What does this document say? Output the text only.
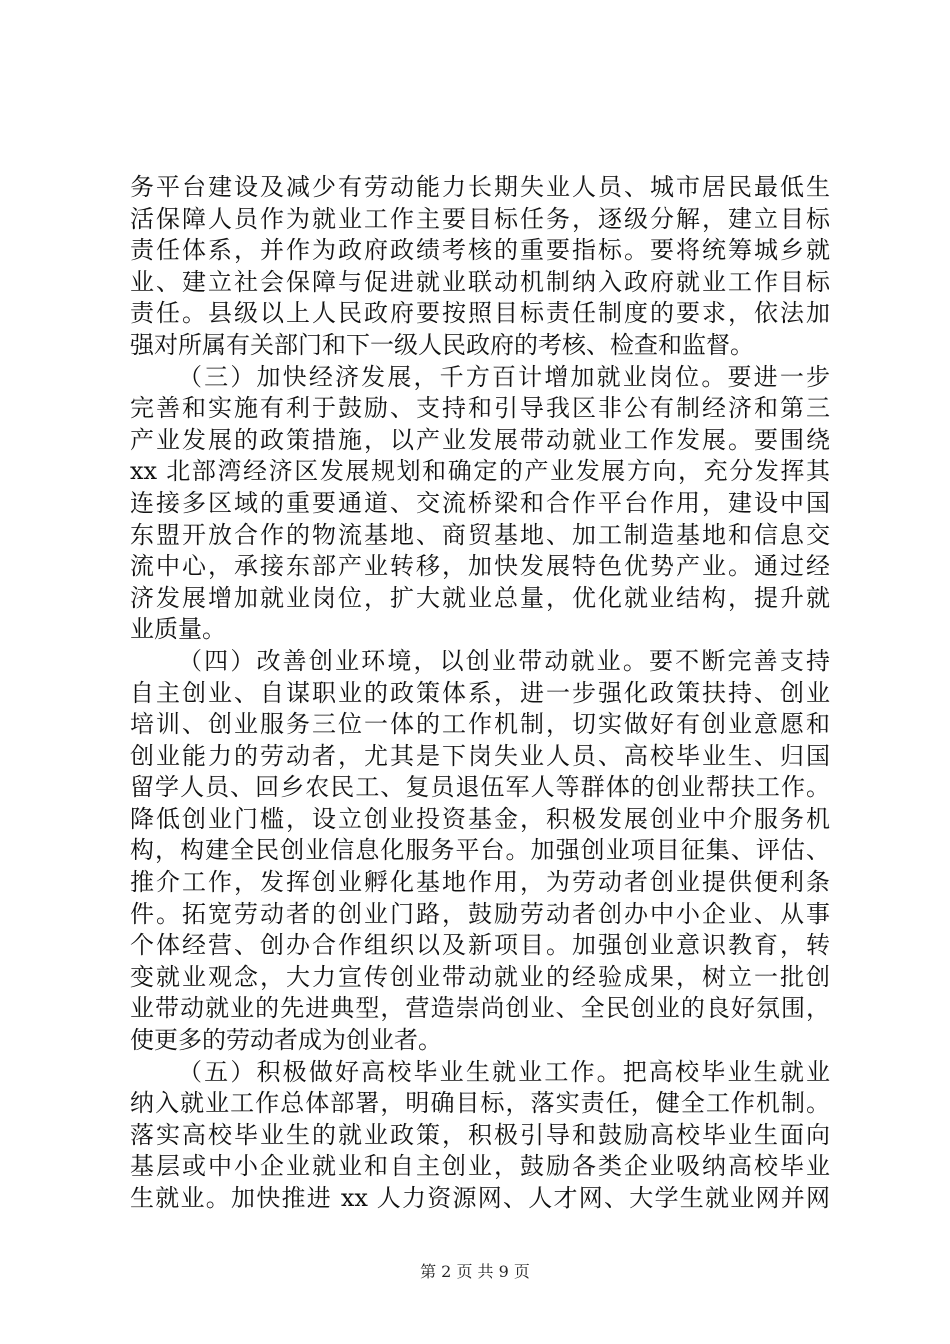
务平台建设及减少有劳动能力长期失业人员、城市居民最低生
活保障人员作为就业工作主要目标任务，逐级分解，建立目标
责任体系，并作为政府政绩考核的重要指标。要将统筹城乡就
业、建立社会保障与促进就业联动机制纳入政府就业工作目标
责任。县级以上人民政府要按照目标责任制度的要求，依法加
强对所属有关部门和下一级人民政府的考核、检查和监督。
（三）加快经济发展，千方百计增加就业岗位。要进一步
完善和实施有利于鼓励、支持和引导我区非公有制经济和第三
产业发展的政策措施，以产业发展带动就业工作发展。要围绕
xx 北部湾经济区发展规划和确定的产业发展方向，充分发挥其
连接多区域的重要通道、交流桥梁和合作平台作用，建设中国
东盟开放合作的物流基地、商贸基地、加工制造基地和信息交
流中心，承接东部产业转移，加快发展特色优势产业。通过经
济发展增加就业岗位，扩大就业总量，优化就业结构，提升就
业质量。
（四）改善创业环境，以创业带动就业。要不断完善支持
自主创业、自谋职业的政策体系，进一步强化政策扶持、创业
培训、创业服务三位一体的工作机制，切实做好有创业意愿和
创业能力的劳动者，尤其是下岗失业人员、高校毕业生、归国
留学人员、回乡农民工、复员退伍军人等群体的创业帮扶工作。
降低创业门槛，设立创业投资基金，积极发展创业中介服务机
构，构建全民创业信息化服务平台。加强创业项目征集、评估、
推介工作，发挥创业孵化基地作用，为劳动者创业提供便利条
件。拓宽劳动者的创业门路，鼓励劳动者创办中小企业、从事
个体经营、创办合作组织以及新项目。加强创业意识教育，转
变就业观念，大力宣传创业带动就业的经验成果，树立一批创
业带动就业的先进典型，营造崇尚创业、全民创业的良好氛围，
使更多的劳动者成为创业者。
（五）积极做好高校毕业生就业工作。把高校毕业生就业
纳入就业工作总体部署，明确目标，落实责任，健全工作机制。
落实高校毕业生的就业政策，积极引导和鼓励高校毕业生面向
基层或中小企业就业和自主创业，鼓励各类企业吸纳高校毕业
生就业。加快推进 xx 人力资源网、人才网、大学生就业网并网
第 2 页 共 9 页
